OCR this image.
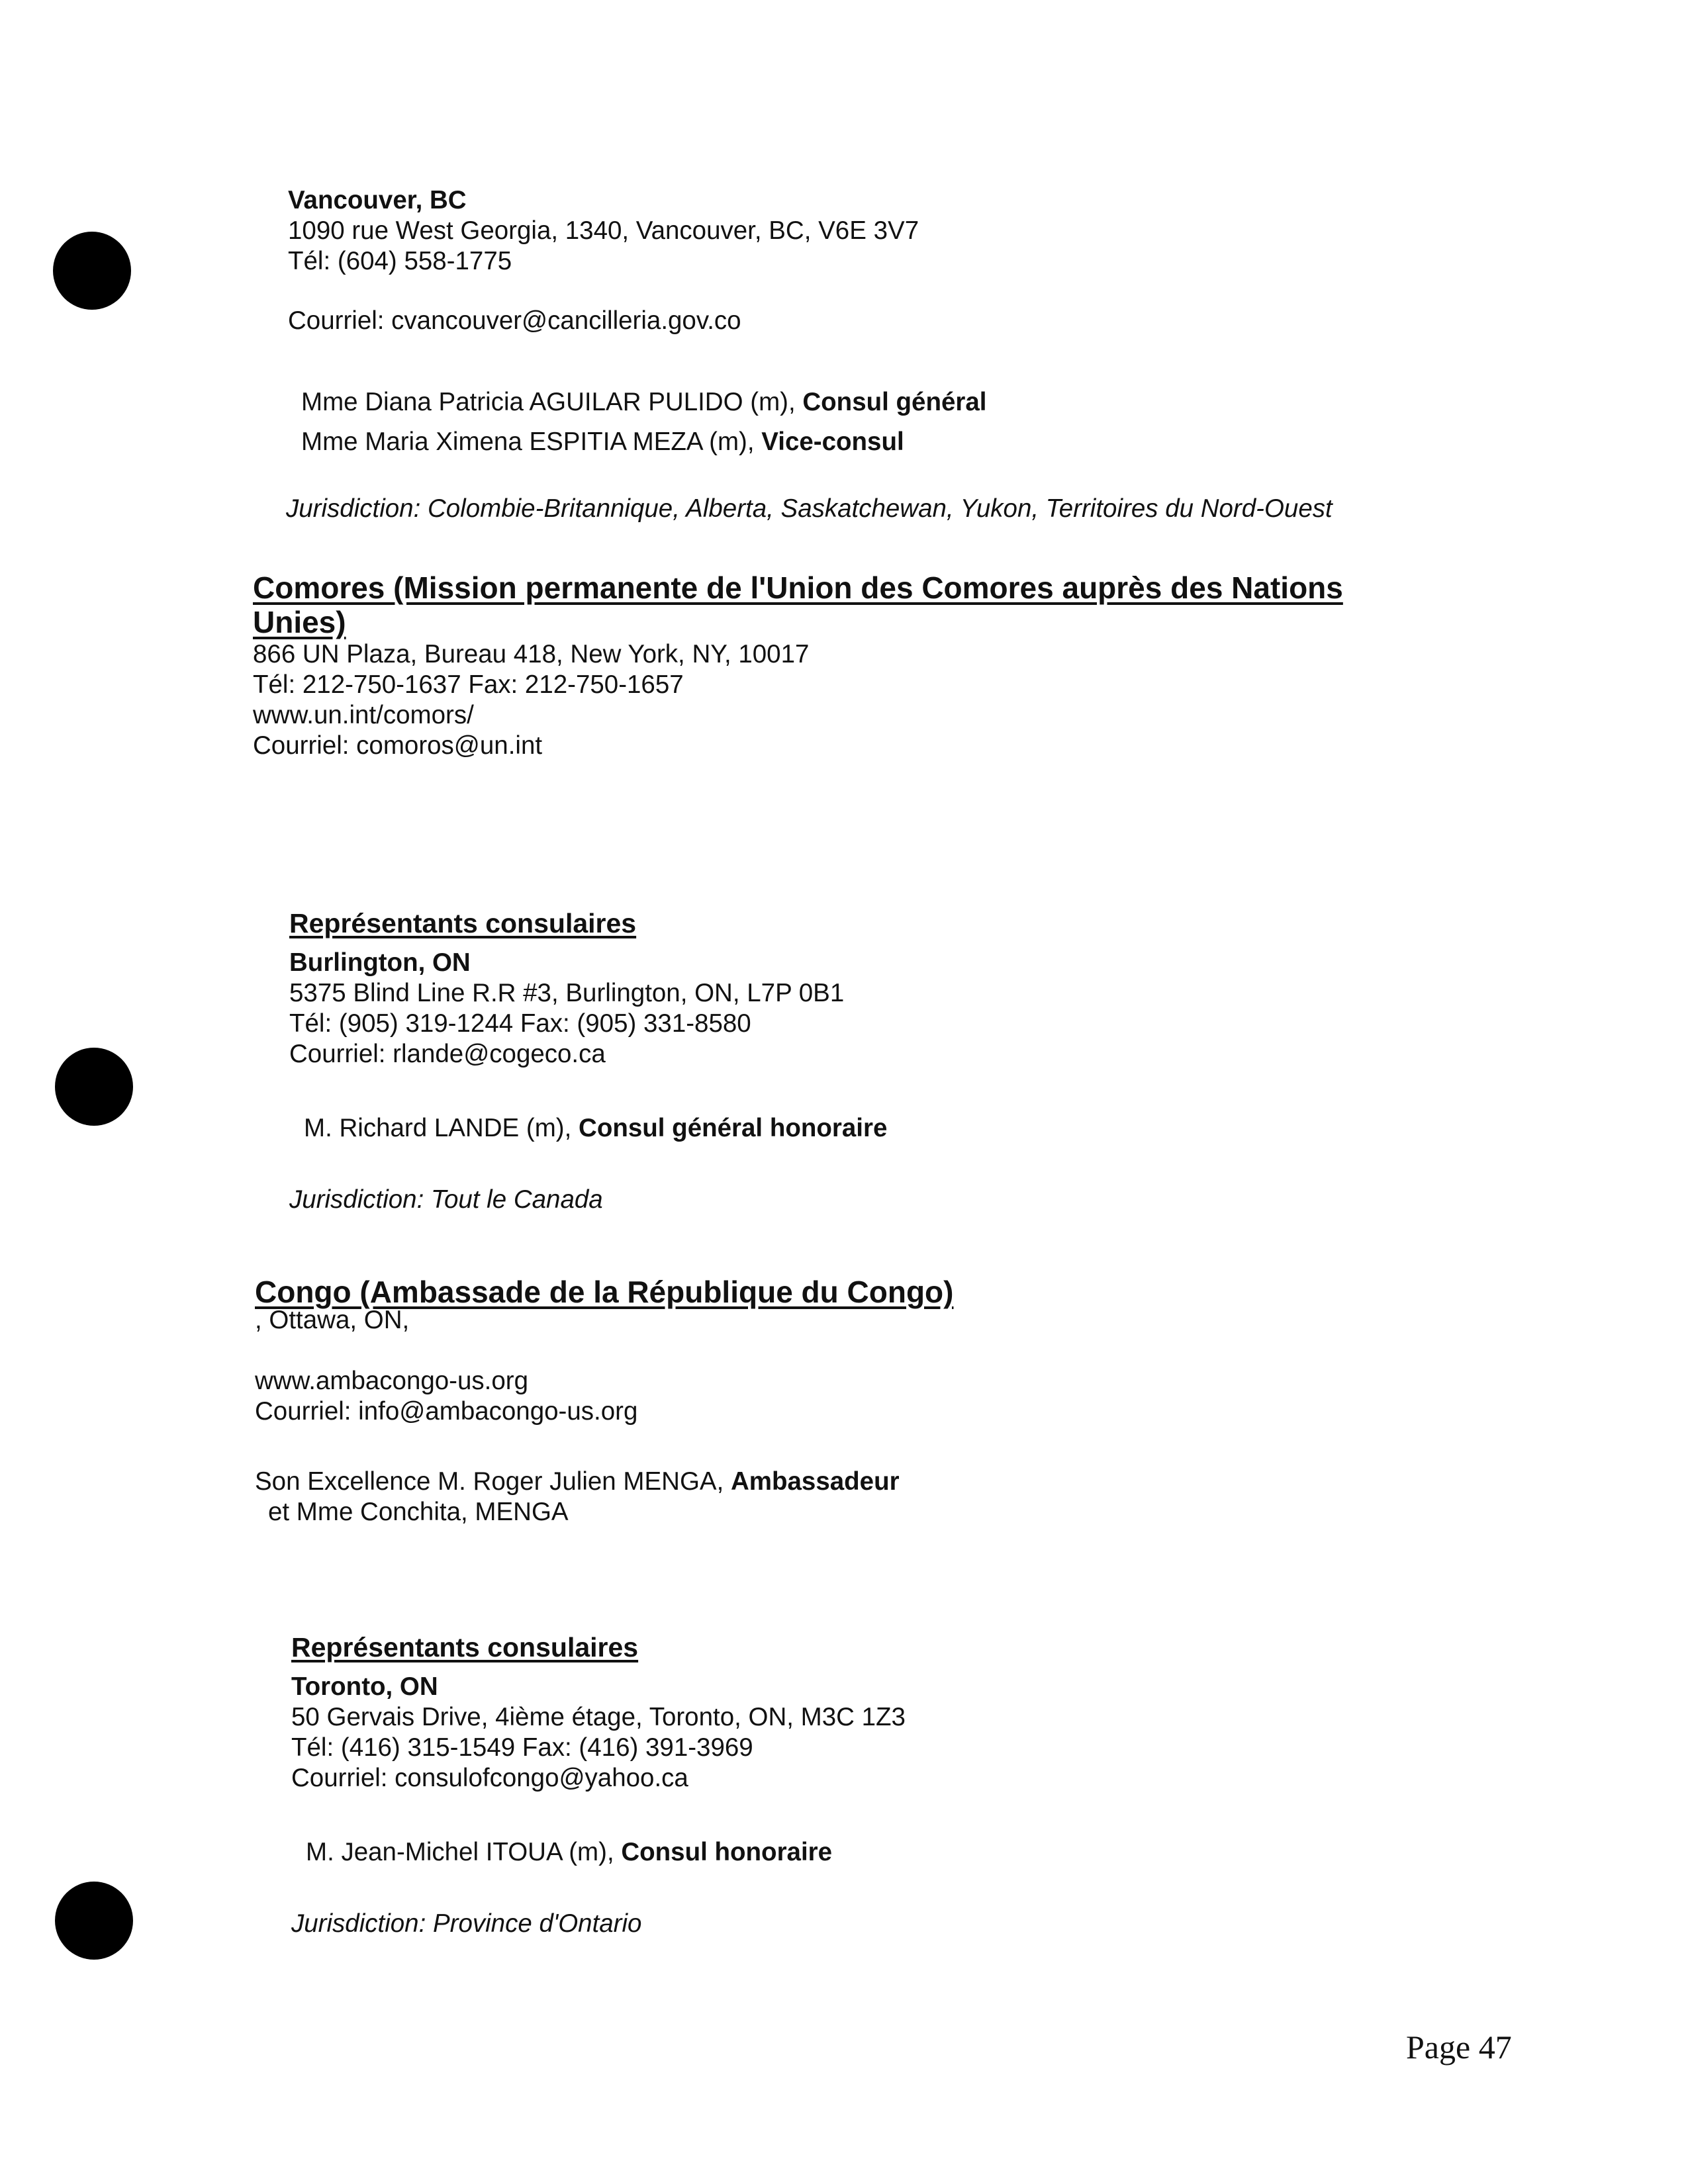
Vancouver, BC
1090 rue West Georgia, 1340, Vancouver, BC, V6E 3V7
Tél: (604) 558-1775
Courriel: cvancouver@cancilleria.gov.co
Mme Diana Patricia AGUILAR PULIDO (m), Consul général
Mme Maria Ximena ESPITIA MEZA (m), Vice-consul
Jurisdiction: Colombie-Britannique, Alberta, Saskatchewan, Yukon, Territoires du Nord-Ouest
Comores (Mission permanente de l'Union des Comores auprès des Nations
Unies)
866 UN Plaza, Bureau 418, New York, NY, 10017
Tél: 212-750-1637 Fax: 212-750-1657
www.un.int/comors/
Courriel: comoros@un.int
Représentants consulaires
Burlington, ON
5375 Blind Line R.R #3, Burlington, ON, L7P 0B1
Tél: (905) 319-1244 Fax: (905) 331-8580
Courriel: rlande@cogeco.ca
M. Richard LANDE (m), Consul général honoraire
Jurisdiction: Tout le Canada
Congo (Ambassade de la République du Congo)
, Ottawa, ON,
www.ambacongo-us.org
Courriel: info@ambacongo-us.org
Son Excellence M. Roger Julien MENGA, Ambassadeur
et Mme Conchita, MENGA
Représentants consulaires
Toronto, ON
50 Gervais Drive, 4ième étage, Toronto, ON, M3C 1Z3
Tél: (416) 315-1549 Fax: (416) 391-3969
Courriel: consulofcongo@yahoo.ca
M. Jean-Michel ITOUA (m), Consul honoraire
Jurisdiction: Province d'Ontario
Page 47
